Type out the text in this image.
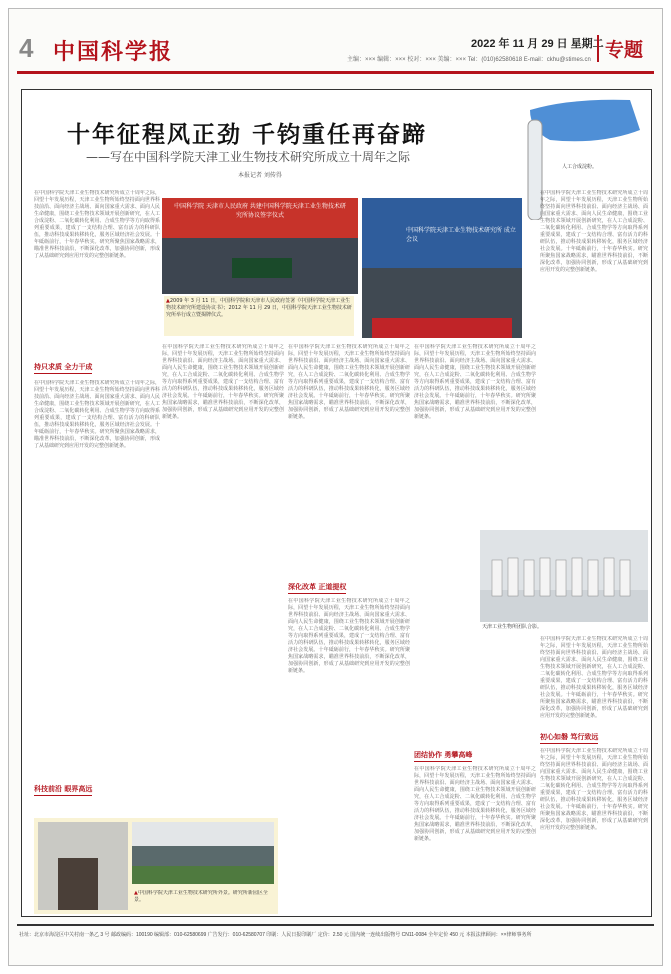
4 中国科学报	2022 年 11 月 29 日 星期二
主编：××× 编辑：××× 校对：××× 美编：××× Tel：(010)62580618 E-mail：ckhu@stimes.cn 专题
十年征程风正劲 千钧重任再奋蹄
——写在中国科学院天津工业生物技术研究所成立十周年之际
本报记者 刘传得
人工合成淀粉。
在中国科学院天津工业生物技术研究所成立十周年之际，回望十年发展历程，天津工业生物所始终坚持面向世界科技前沿、面向经济主战场、面向国家重大需求、面向人民生命健康，围绕工业生物技术领域开展创新研究，在人工合成淀粉、二氧化碳转化利用、合成生物学等方向取得系列重要成果，建成了一支结构合理、富有活力的科研队伍，推动科技成果转移转化，服务区域经济社会发展。十年砥砺前行，十年春华秋实。研究所聚焦国家战略需求，瞄准世界科技前沿，不断深化改革，加强协同创新，形成了从基础研究到应用开发的完整创新链条。
持只求质 全力干成
在中国科学院天津工业生物技术研究所成立十周年之际，回望十年发展历程，天津工业生物所始终坚持面向世界科技前沿、面向经济主战场、面向国家重大需求、面向人民生命健康，围绕工业生物技术领域开展创新研究，在人工合成淀粉、二氧化碳转化利用、合成生物学等方向取得系列重要成果，建成了一支结构合理、富有活力的科研队伍，推动科技成果转移转化，服务区域经济社会发展。十年砥砺前行，十年春华秋实。研究所聚焦国家战略需求，瞄准世界科技前沿，不断深化改革，加强协同创新，形成了从基础研究到应用开发的完整创新链条。
科技前沿 眼界高远
中国科学院 天津市人民政府 共建中国科学院天津工业生物技术研究所协议签字仪式
中国科学院天津工业生物技术研究所 成立会议
▲2009 年 3 月 11 日，中国科学院和天津市人民政府签署《中国科学院天津工业生物技术研究所建设协议书》；2012 年 11 月 29 日，中国科学院天津工业生物技术研究所举行成立暨揭牌仪式。
在中国科学院天津工业生物技术研究所成立十周年之际，回望十年发展历程，天津工业生物所始终坚持面向世界科技前沿、面向经济主战场、面向国家重大需求、面向人民生命健康，围绕工业生物技术领域开展创新研究，在人工合成淀粉、二氧化碳转化利用、合成生物学等方向取得系列重要成果，建成了一支结构合理、富有活力的科研队伍，推动科技成果转移转化，服务区域经济社会发展。十年砥砺前行，十年春华秋实。研究所聚焦国家战略需求，瞄准世界科技前沿，不断深化改革，加强协同创新，形成了从基础研究到应用开发的完整创新链条。
在中国科学院天津工业生物技术研究所成立十周年之际，回望十年发展历程，天津工业生物所始终坚持面向世界科技前沿、面向经济主战场、面向国家重大需求、面向人民生命健康，围绕工业生物技术领域开展创新研究，在人工合成淀粉、二氧化碳转化利用、合成生物学等方向取得系列重要成果，建成了一支结构合理、富有活力的科研队伍，推动科技成果转移转化，服务区域经济社会发展。十年砥砺前行，十年春华秋实。研究所聚焦国家战略需求，瞄准世界科技前沿，不断深化改革，加强协同创新，形成了从基础研究到应用开发的完整创新链条。
深化改革 正道提权
在中国科学院天津工业生物技术研究所成立十周年之际，回望十年发展历程，天津工业生物所始终坚持面向世界科技前沿、面向经济主战场、面向国家重大需求、面向人民生命健康，围绕工业生物技术领域开展创新研究，在人工合成淀粉、二氧化碳转化利用、合成生物学等方向取得系列重要成果，建成了一支结构合理、富有活力的科研队伍，推动科技成果转移转化，服务区域经济社会发展。十年砥砺前行，十年春华秋实。研究所聚焦国家战略需求，瞄准世界科技前沿，不断深化改革，加强协同创新，形成了从基础研究到应用开发的完整创新链条。
在中国科学院天津工业生物技术研究所成立十周年之际，回望十年发展历程，天津工业生物所始终坚持面向世界科技前沿、面向经济主战场、面向国家重大需求、面向人民生命健康，围绕工业生物技术领域开展创新研究，在人工合成淀粉、二氧化碳转化利用、合成生物学等方向取得系列重要成果，建成了一支结构合理、富有活力的科研队伍，推动科技成果转移转化，服务区域经济社会发展。十年砥砺前行，十年春华秋实。研究所聚焦国家战略需求，瞄准世界科技前沿，不断深化改革，加强协同创新，形成了从基础研究到应用开发的完整创新链条。
团结协作 勇攀高峰
在中国科学院天津工业生物技术研究所成立十周年之际，回望十年发展历程，天津工业生物所始终坚持面向世界科技前沿、面向经济主战场、面向国家重大需求、面向人民生命健康，围绕工业生物技术领域开展创新研究，在人工合成淀粉、二氧化碳转化利用、合成生物学等方向取得系列重要成果，建成了一支结构合理、富有活力的科研队伍，推动科技成果转移转化，服务区域经济社会发展。十年砥砺前行，十年春华秋实。研究所聚焦国家战略需求，瞄准世界科技前沿，不断深化改革，加强协同创新，形成了从基础研究到应用开发的完整创新链条。
在中国科学院天津工业生物技术研究所成立十周年之际，回望十年发展历程，天津工业生物所始终坚持面向世界科技前沿、面向经济主战场、面向国家重大需求、面向人民生命健康，围绕工业生物技术领域开展创新研究，在人工合成淀粉、二氧化碳转化利用、合成生物学等方向取得系列重要成果，建成了一支结构合理、富有活力的科研队伍，推动科技成果转移转化，服务区域经济社会发展。十年砥砺前行，十年春华秋实。研究所聚焦国家战略需求，瞄准世界科技前沿，不断深化改革，加强协同创新，形成了从基础研究到应用开发的完整创新链条。
天津工业生物所团队合影。
在中国科学院天津工业生物技术研究所成立十周年之际，回望十年发展历程，天津工业生物所始终坚持面向世界科技前沿、面向经济主战场、面向国家重大需求、面向人民生命健康，围绕工业生物技术领域开展创新研究，在人工合成淀粉、二氧化碳转化利用、合成生物学等方向取得系列重要成果，建成了一支结构合理、富有活力的科研队伍，推动科技成果转移转化，服务区域经济社会发展。十年砥砺前行，十年春华秋实。研究所聚焦国家战略需求，瞄准世界科技前沿，不断深化改革，加强协同创新，形成了从基础研究到应用开发的完整创新链条。
初心如磐 笃行致远
在中国科学院天津工业生物技术研究所成立十周年之际，回望十年发展历程，天津工业生物所始终坚持面向世界科技前沿、面向经济主战场、面向国家重大需求、面向人民生命健康，围绕工业生物技术领域开展创新研究，在人工合成淀粉、二氧化碳转化利用、合成生物学等方向取得系列重要成果，建成了一支结构合理、富有活力的科研队伍，推动科技成果转移转化，服务区域经济社会发展。十年砥砺前行，十年春华秋实。研究所聚焦国家战略需求，瞄准世界科技前沿，不断深化改革，加强协同创新，形成了从基础研究到应用开发的完整创新链条。
▲中国科学院天津工业生物技术研究所外景。研究所新园区全景。
社址：北京市海淀区中关村南一条乙 3 号 邮政编码：100190 编辑部：010-62580699 广告发行：010-62580707 印刷：人民日报印刷厂 定价：2.50 元 国内统一连续出版物号 CN11-0084 全年定价 450 元 本报法律顾问：××律师事务所
